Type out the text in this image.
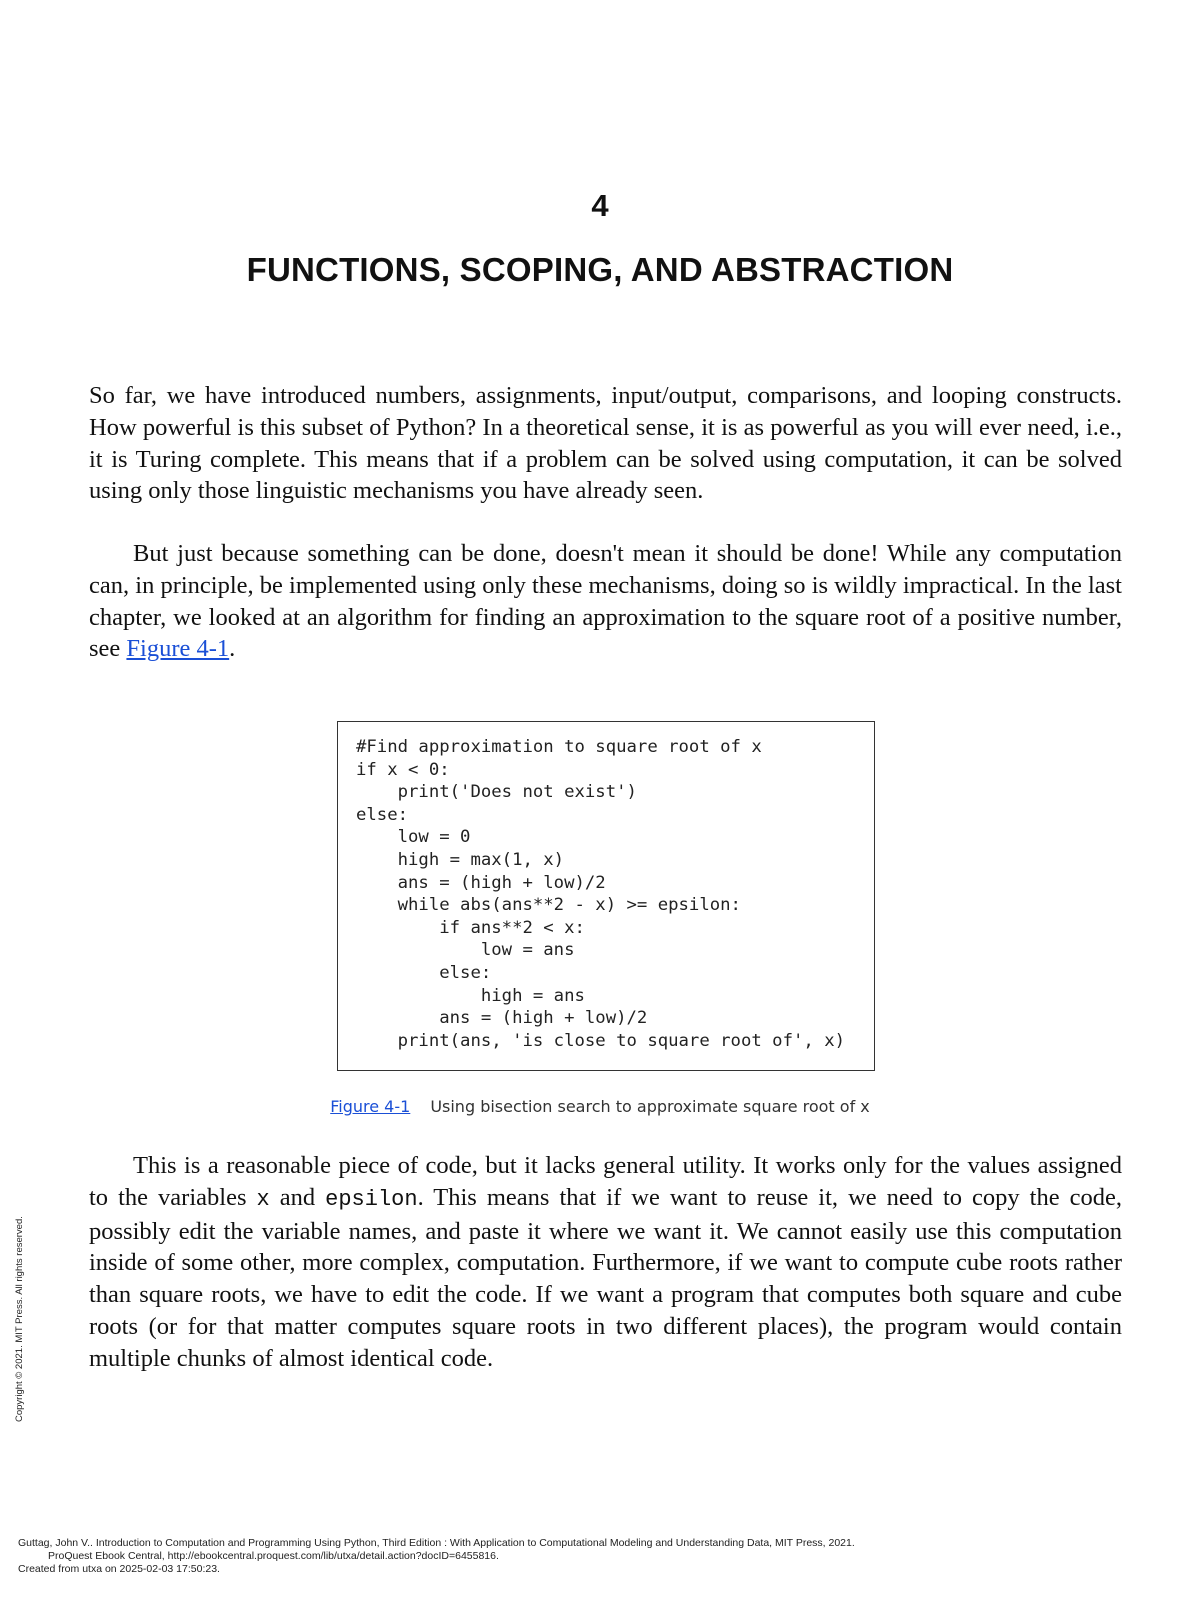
4
FUNCTIONS, SCOPING, AND ABSTRACTION

So far, we have introduced numbers, assignments, input/output, comparisons, and looping constructs. How powerful is this subset of Python? In a theoretical sense, it is as powerful as you will ever need, i.e., it is Turing complete. This means that if a problem can be solved using computation, it can be solved using only those linguistic mechanisms you have already seen.

But just because something can be done, doesn't mean it should be done! While any computation can, in principle, be implemented using only these mechanisms, doing so is wildly impractical. In the last chapter, we looked at an algorithm for finding an approximation to the square root of a positive number, see Figure 4-1.

#Find approximation to square root of x
if x < 0:
print('Does not exist')
else:
low = 0
high = max(1, x)
ans = (high + low)/2
while abs(ans**2 - x) >= epsilon:
if ans**2 < x:
low = ans
else:
high = ans
ans = (high + low)/2
print(ans, 'is close to square root of', x)
Figure 4-1 Using bisection search to approximate square root of x

This is a reasonable piece of code, but it lacks general utility. It works only for the values assigned to the variables x and epsilon. This means that if we want to reuse it, we need to copy the code, possibly edit the variable names, and paste it where we want it. We cannot easily use this computation inside of some other, more complex, computation. Furthermore, if we want to compute cube roots rather than square roots, we have to edit the code. If we want a program that computes both square and cube roots (or for that matter computes square roots in two different places), the program would contain multiple chunks of almost identical code.

Copyright © 2021. MIT Press. All rights reserved.
Guttag, John V.. Introduction to Computation and Programming Using Python, Third Edition : With Application to Computational Modeling and Understanding Data, MIT Press, 2021.
ProQuest Ebook Central, http://ebookcentral.proquest.com/lib/utxa/detail.action?docID=6455816.
Created from utxa on 2025-02-03 17:50:23.
